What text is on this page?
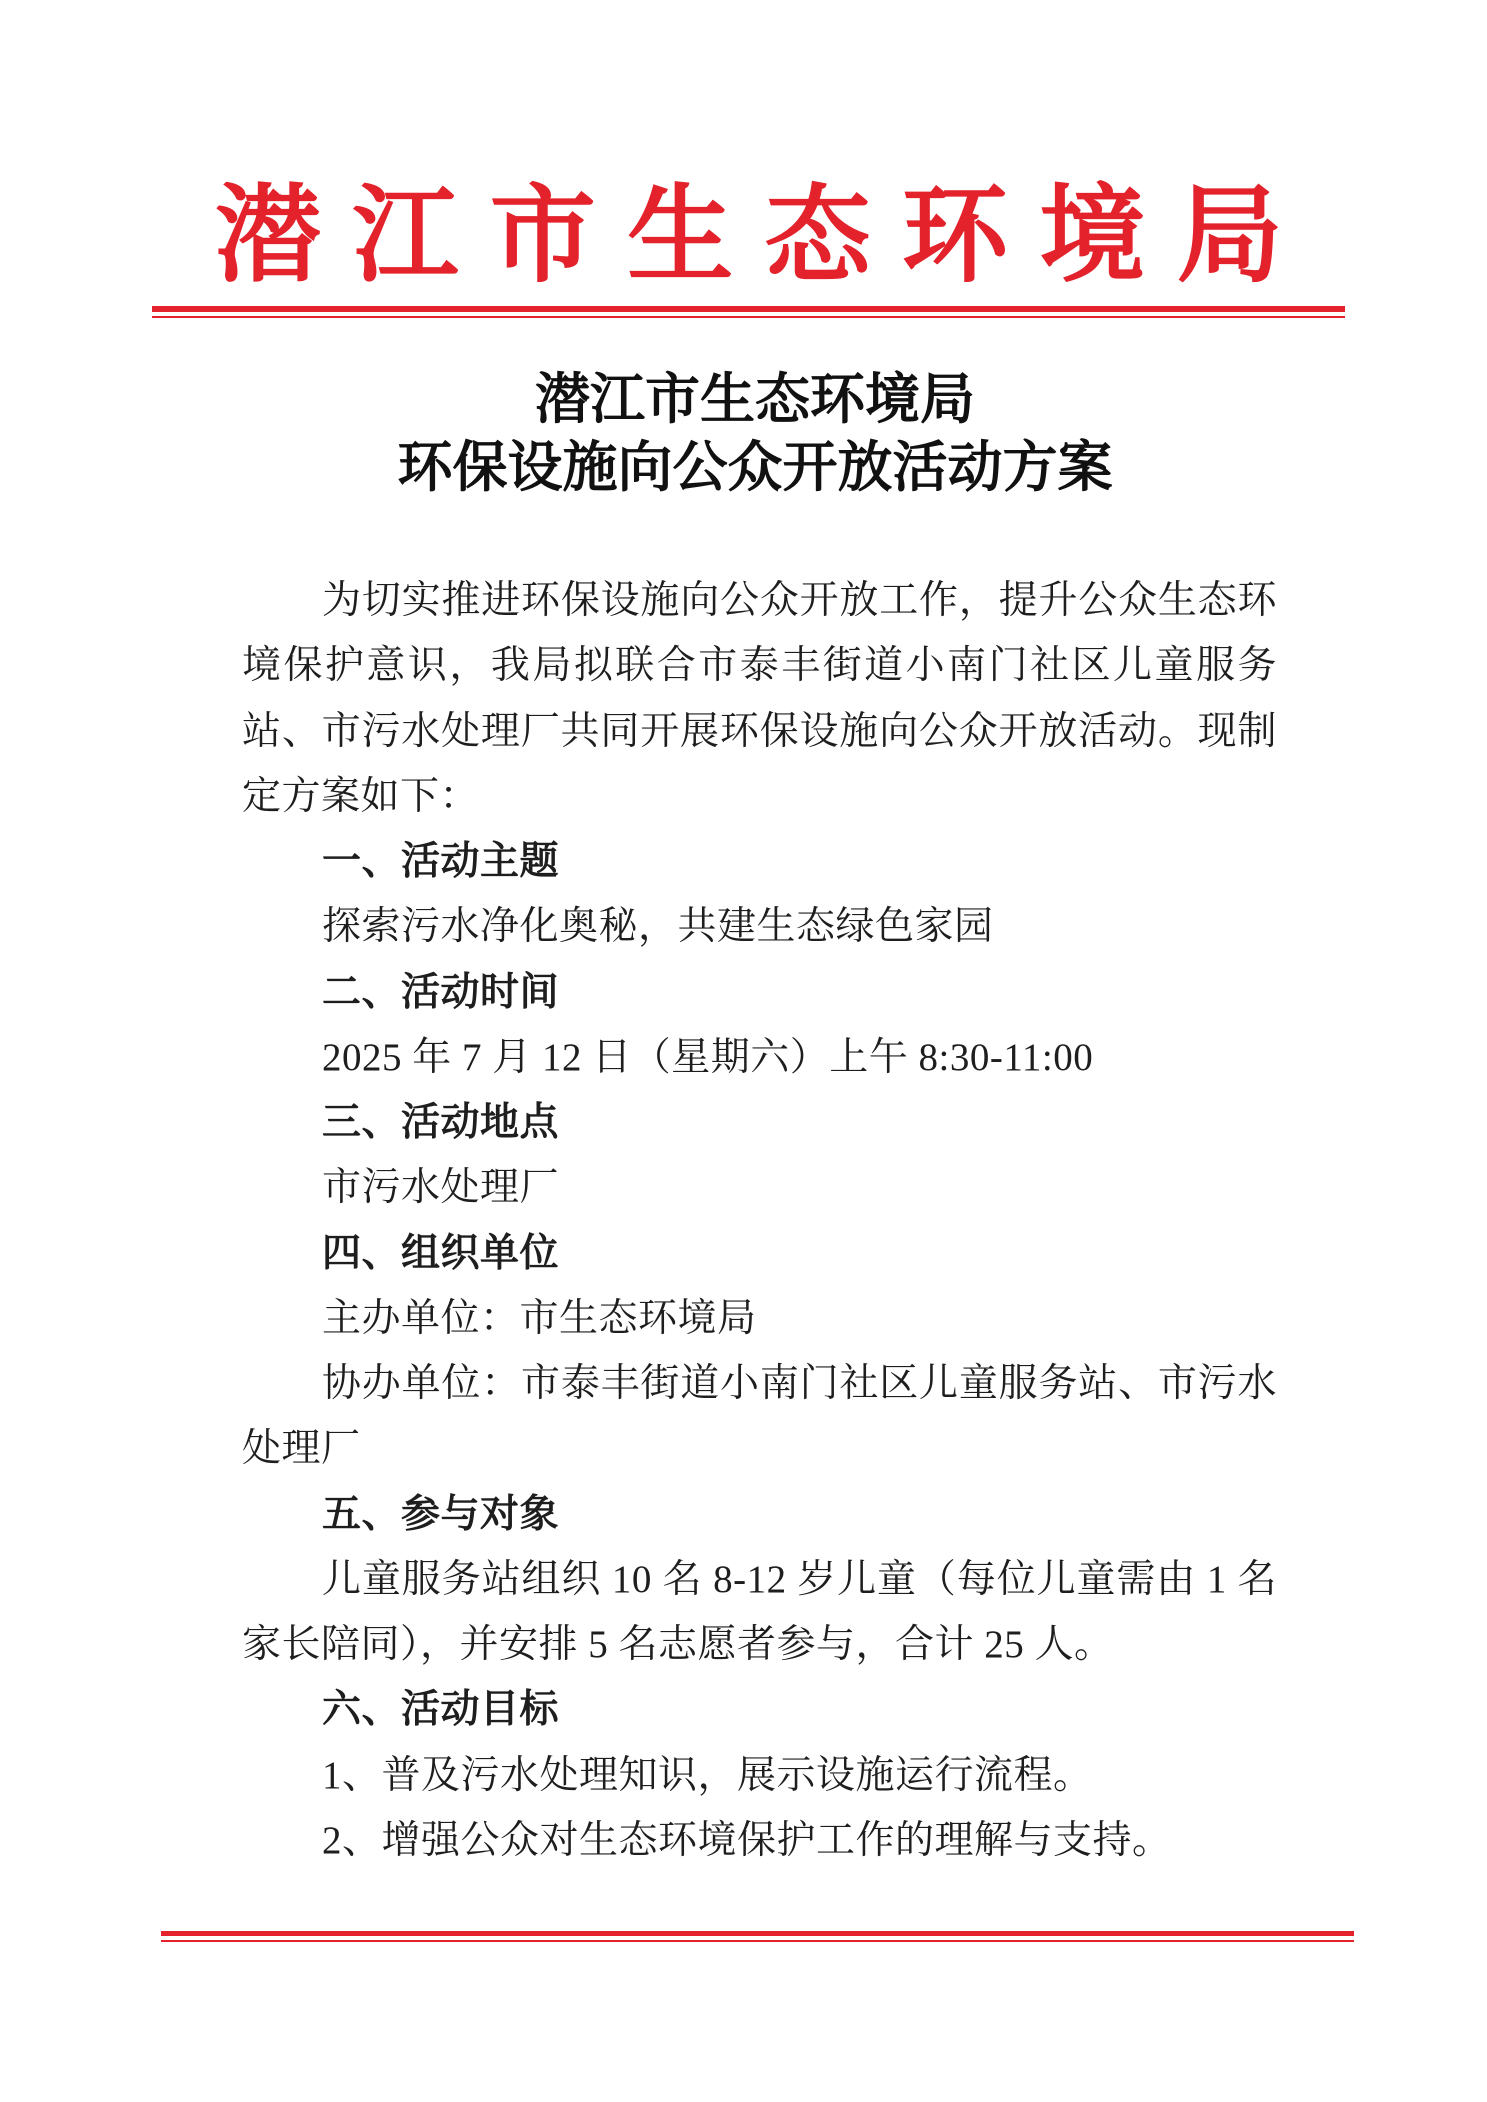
潜江市生态环境局
潜江市生态环境局
环保设施向公众开放活动方案
为切实推进环保设施向公众开放工作，提升公众生态环
境保护意识，我局拟联合市泰丰街道小南门社区儿童服务
站、市污水处理厂共同开展环保设施向公众开放活动。现制
定方案如下：
一、活动主题
探索污水净化奥秘，共建生态绿色家园
二、活动时间
2025 年 7 月 12 日（星期六）上午 8:30-11:00
三、活动地点
市污水处理厂
四、组织单位
主办单位：市生态环境局
协办单位：市泰丰街道小南门社区儿童服务站、市污水
处理厂
五、参与对象
儿童服务站组织 10 名 8-12 岁儿童（每位儿童需由 1 名
家长陪同），并安排 5 名志愿者参与，合计 25 人。
六、活动目标
1、普及污水处理知识，展示设施运行流程。
2、增强公众对生态环境保护工作的理解与支持。
